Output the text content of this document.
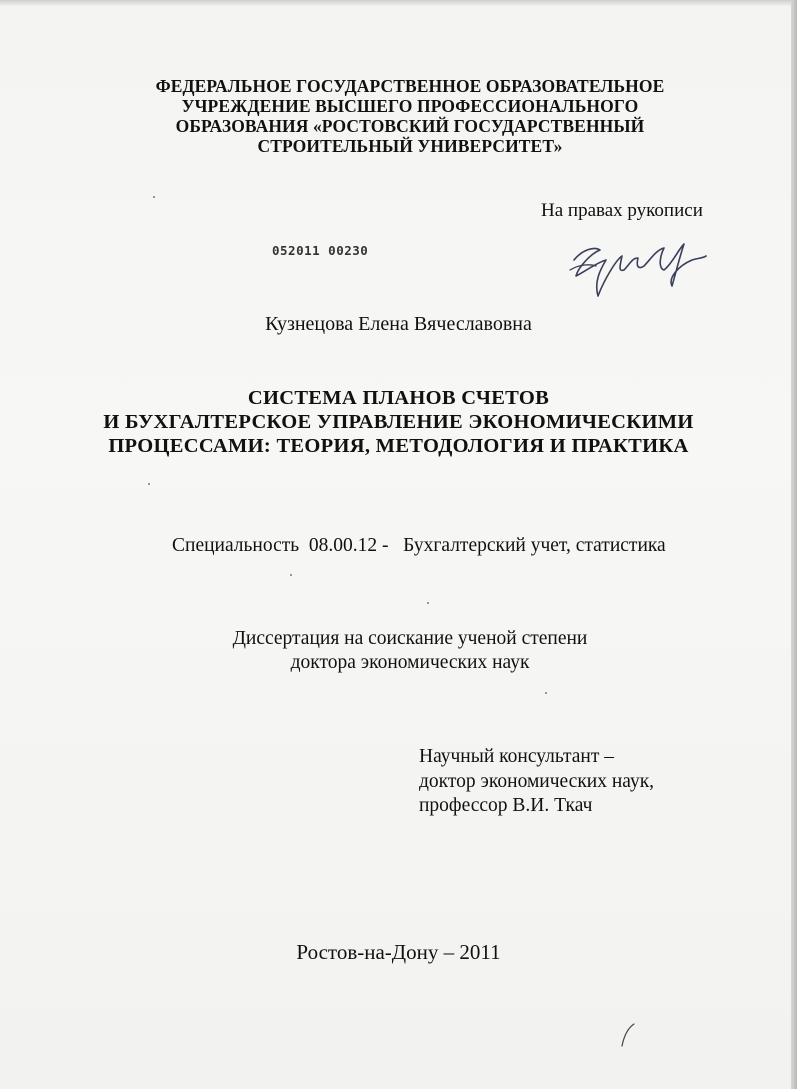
ФЕДЕРАЛЬНОЕ ГОСУДАРСТВЕННОЕ ОБРАЗОВАТЕЛЬНОЕ
УЧРЕЖДЕНИЕ ВЫСШЕГО ПРОФЕССИОНАЛЬНОГО
ОБРАЗОВАНИЯ «РОСТОВСКИЙ ГОСУДАРСТВЕННЫЙ
СТРОИТЕЛЬНЫЙ УНИВЕРСИТЕТ»
На правах рукописи
052011 00230
Кузнецова Елена Вячеславовна
СИСТЕМА ПЛАНОВ СЧЕТОВ
И БУХГАЛТЕРСКОЕ УПРАВЛЕНИЕ ЭКОНОМИЧЕСКИМИ
ПРОЦЕССАМИ: ТЕОРИЯ, МЕТОДОЛОГИЯ И ПРАКТИКА
Специальность  08.00.12 -   Бухгалтерский учет, статистика
Диссертация на соискание ученой степени
доктора экономических наук
Научный консультант –
доктор экономических наук,
профессор В.И. Ткач
Ростов-на-Дону – 2011
